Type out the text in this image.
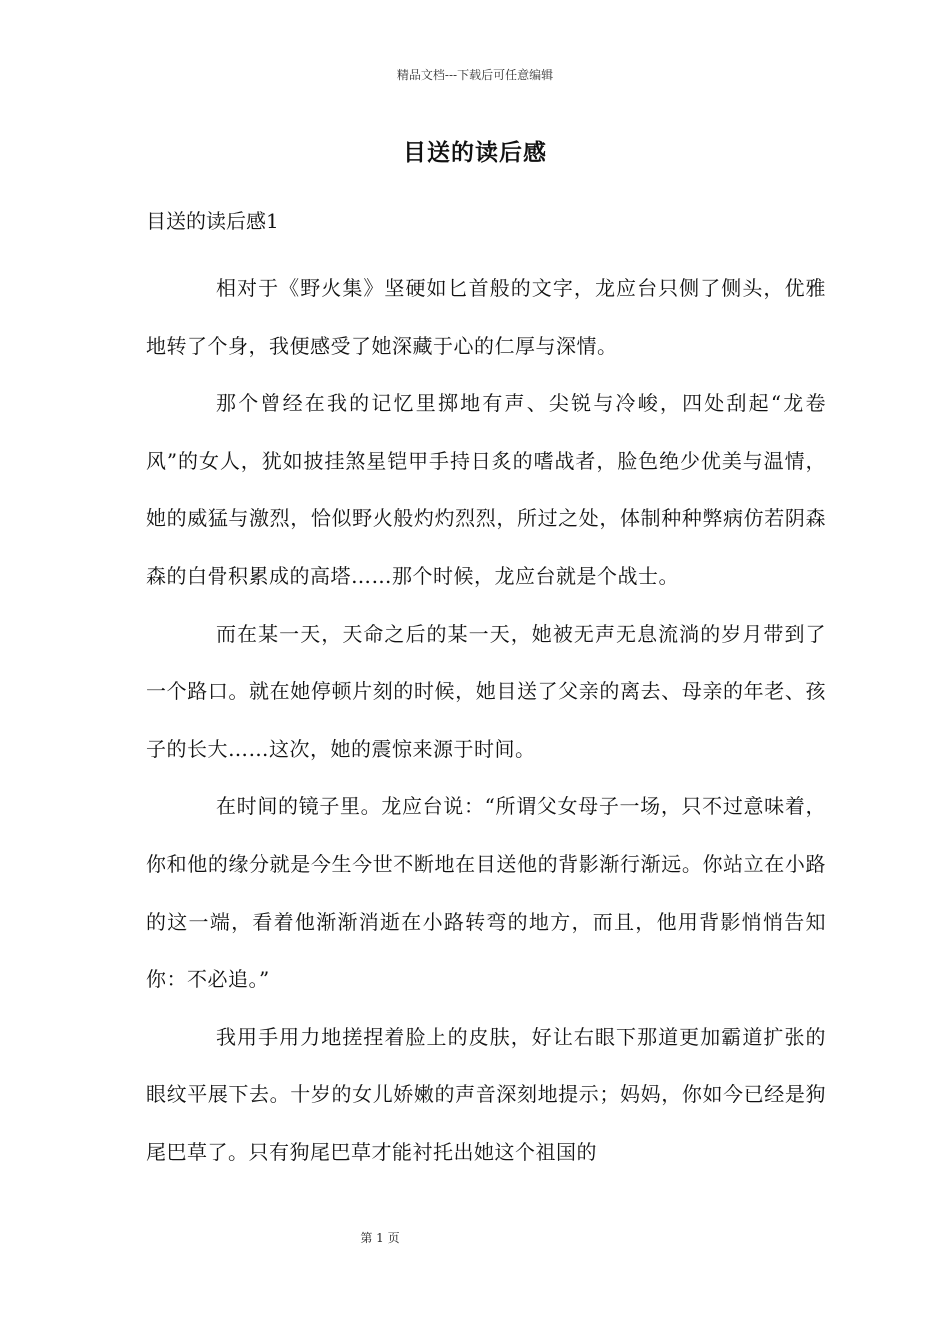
精品文档---下载后可任意编辑
目送的读后感
目送的读后感1

相对于《野火集》坚硬如匕首般的文字，龙应台只侧了侧头，优雅地转了个身，我便感受了她深藏于心的仁厚与深情。

那个曾经在我的记忆里掷地有声、尖锐与冷峻，四处刮起“龙卷风”的女人，犹如披挂煞星铠甲手持日炙的嗜战者，脸色绝少优美与温情，她的威猛与激烈，恰似野火般灼灼烈烈，所过之处，体制种种弊病仿若阴森森的白骨积累成的高塔……那个时候，龙应台就是个战士。

而在某一天，天命之后的某一天，她被无声无息流淌的岁月带到了一个路口。就在她停顿片刻的时候，她目送了父亲的离去、母亲的年老、孩子的长大……这次，她的震惊来源于时间。

在时间的镜子里。龙应台说：“所谓父女母子一场，只不过意味着，你和他的缘分就是今生今世不断地在目送他的背影渐行渐远。你站立在小路的这一端，看着他渐渐消逝在小路转弯的地方，而且，他用背影悄悄告知你：不必追。”

我用手用力地搓捏着脸上的皮肤，好让右眼下那道更加霸道扩张的眼纹平展下去。十岁的女儿娇嫩的声音深刻地提示；妈妈，你如今已经是狗尾巴草了。只有狗尾巴草才能衬托出她这个祖国的

第 1 页
